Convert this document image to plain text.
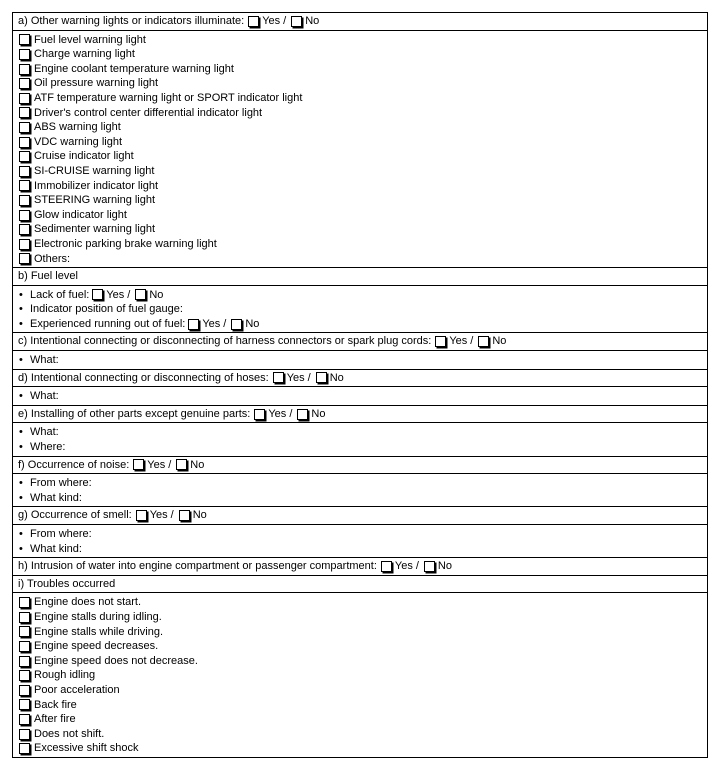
a) Other warning lights or indicators illuminate: Yes / No
Fuel level warning light
Charge warning light
Engine coolant temperature warning light
Oil pressure warning light
ATF temperature warning light or SPORT indicator light
Driver's control center differential indicator light
ABS warning light
VDC warning light
Cruise indicator light
SI-CRUISE warning light
Immobilizer indicator light
STEERING warning light
Glow indicator light
Sedimenter warning light
Electronic parking brake warning light
Others:
b) Fuel level
• Lack of fuel: Yes / No
• Indicator position of fuel gauge:
• Experienced running out of fuel: Yes / No
c) Intentional connecting or disconnecting of harness connectors or spark plug cords: Yes / No
• What:
d) Intentional connecting or disconnecting of hoses: Yes / No
• What:
e) Installing of other parts except genuine parts: Yes / No
• What:
• Where:
f) Occurrence of noise: Yes / No
• From where:
• What kind:
g) Occurrence of smell: Yes / No
• From where:
• What kind:
h) Intrusion of water into engine compartment or passenger compartment: Yes / No
i) Troubles occurred
Engine does not start.
Engine stalls during idling.
Engine stalls while driving.
Engine speed decreases.
Engine speed does not decrease.
Rough idling
Poor acceleration
Back fire
After fire
Does not shift.
Excessive shift shock
